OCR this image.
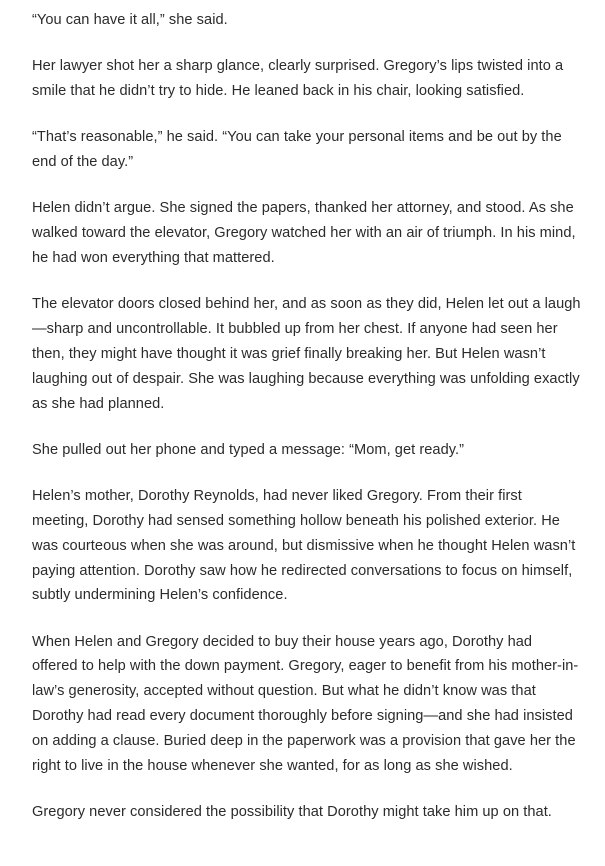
“You can have it all,” she said.

Her lawyer shot her a sharp glance, clearly surprised. Gregory’s lips twisted into a smile that he didn’t try to hide. He leaned back in his chair, looking satisfied.

“That’s reasonable,” he said. “You can take your personal items and be out by the end of the day.”

Helen didn’t argue. She signed the papers, thanked her attorney, and stood. As she walked toward the elevator, Gregory watched her with an air of triumph. In his mind, he had won everything that mattered.

The elevator doors closed behind her, and as soon as they did, Helen let out a laugh—sharp and uncontrollable. It bubbled up from her chest. If anyone had seen her then, they might have thought it was grief finally breaking her. But Helen wasn’t laughing out of despair. She was laughing because everything was unfolding exactly as she had planned.

She pulled out her phone and typed a message: “Mom, get ready.”

Helen’s mother, Dorothy Reynolds, had never liked Gregory. From their first meeting, Dorothy had sensed something hollow beneath his polished exterior. He was courteous when she was around, but dismissive when he thought Helen wasn’t paying attention. Dorothy saw how he redirected conversations to focus on himself, subtly undermining Helen’s confidence.

When Helen and Gregory decided to buy their house years ago, Dorothy had offered to help with the down payment. Gregory, eager to benefit from his mother-in-law’s generosity, accepted without question. But what he didn’t know was that Dorothy had read every document thoroughly before signing—and she had insisted on adding a clause. Buried deep in the paperwork was a provision that gave her the right to live in the house whenever she wanted, for as long as she wished.

Gregory never considered the possibility that Dorothy might take him up on that.
